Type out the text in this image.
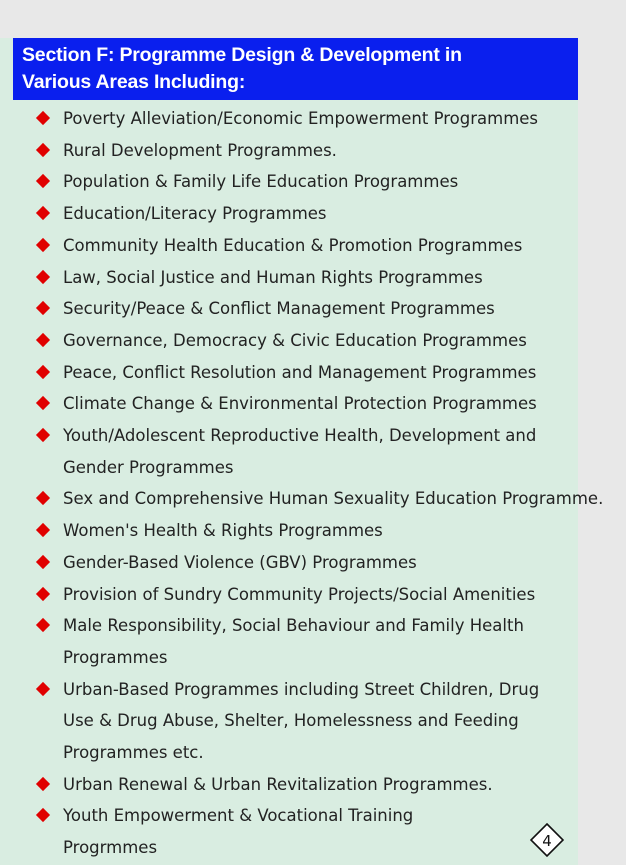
Section F: Programme Design & Development in
Various Areas Including:
Poverty Alleviation/Economic Empowerment Programmes
Rural Development Programmes.
Population & Family Life Education Programmes
Education/Literacy Programmes
Community Health Education & Promotion Programmes
Law, Social Justice and Human Rights Programmes
Security/Peace & Conflict Management Programmes
Governance, Democracy & Civic Education Programmes
Peace, Conflict Resolution and Management Programmes
Climate Change & Environmental Protection Programmes
Youth/Adolescent Reproductive Health, Development and
Gender Programmes
Sex and Comprehensive Human Sexuality Education Programme.
Women's Health & Rights Programmes
Gender-Based Violence (GBV) Programmes
Provision of Sundry Community Projects/Social Amenities
Male Responsibility, Social Behaviour and Family Health
Programmes
Urban-Based Programmes including Street Children, Drug
Use & Drug Abuse, Shelter, Homelessness and Feeding
Programmes etc.
Urban Renewal & Urban Revitalization Programmes.
Youth Empowerment & Vocational Training
Progrmmes	4
